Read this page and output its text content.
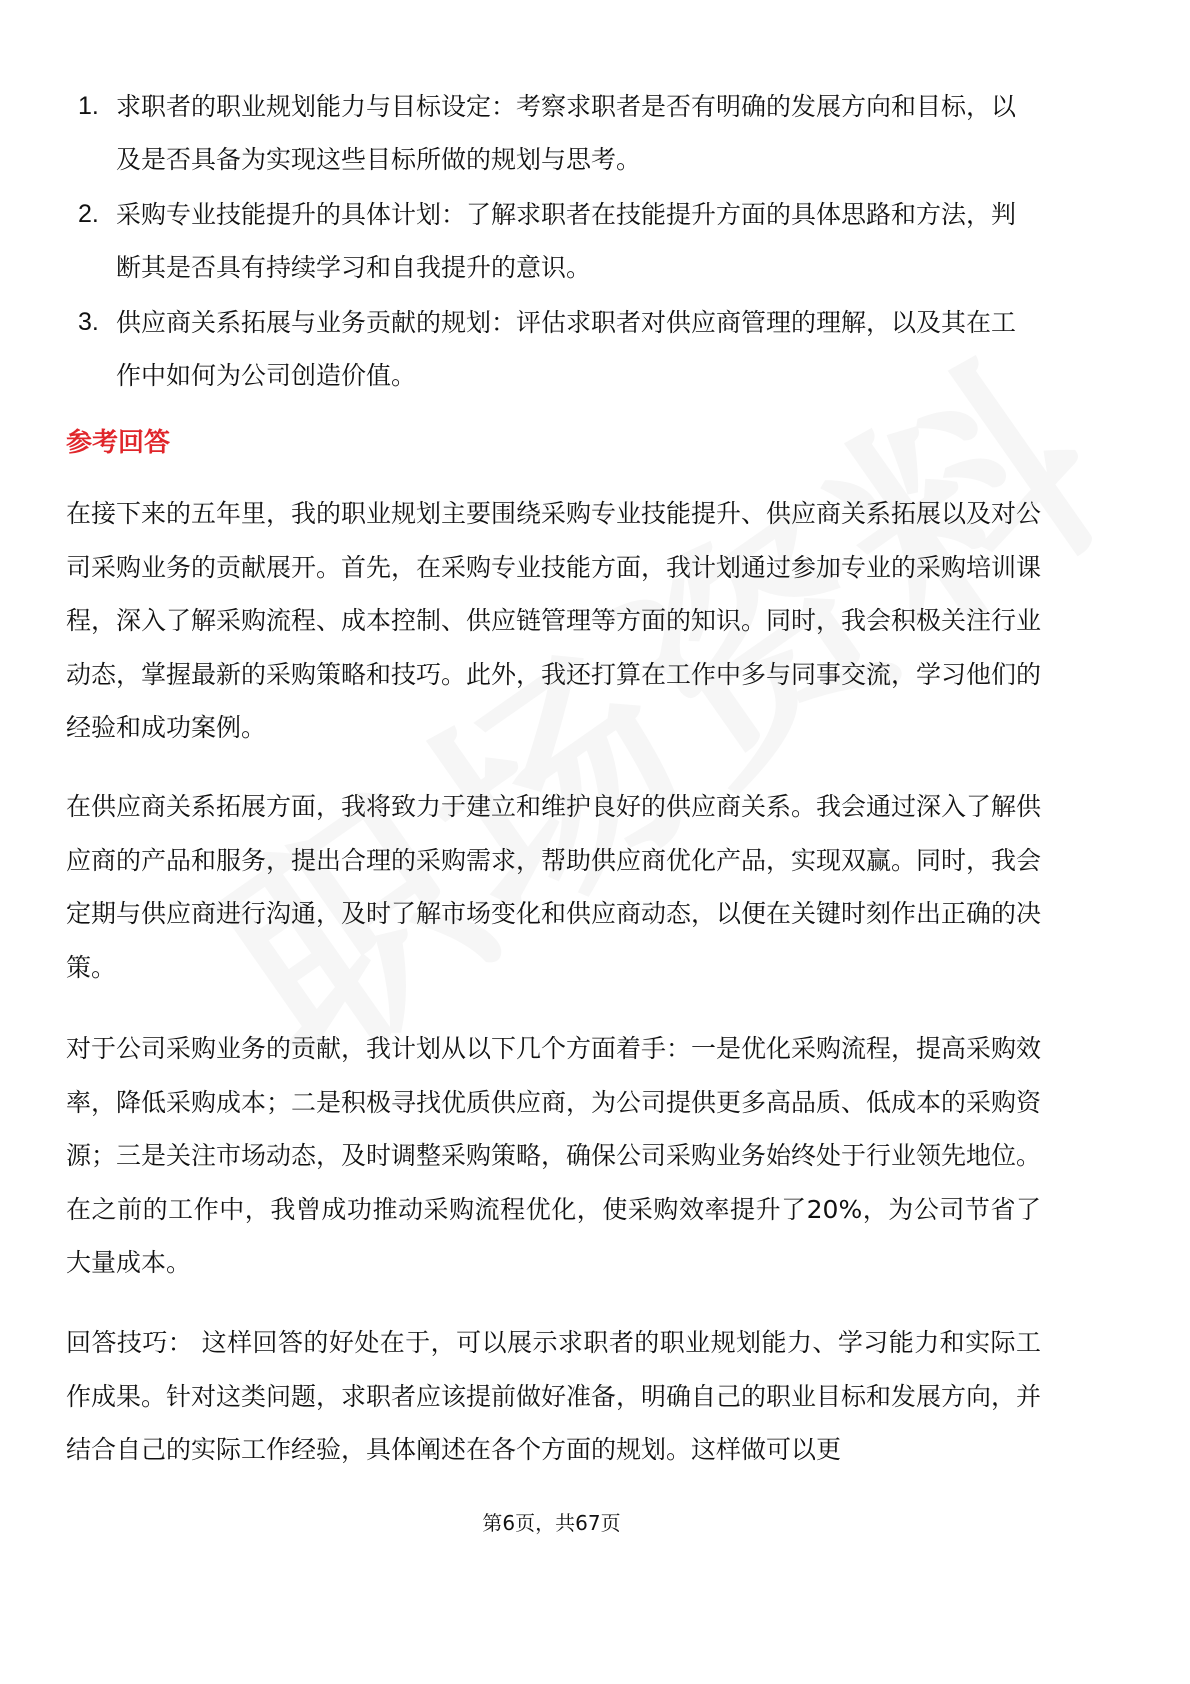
1. 求职者的职业规划能力与目标设定：考察求职者是否有明确的发展方向和目标，以及是否具备为实现这些目标所做的规划与思考。
2. 采购专业技能提升的具体计划：了解求职者在技能提升方面的具体思路和方法，判断其是否具有持续学习和自我提升的意识。
3. 供应商关系拓展与业务贡献的规划：评估求职者对供应商管理的理解，以及其在工作中如何为公司创造价值。
参考回答

在接下来的五年里，我的职业规划主要围绕采购专业技能提升、供应商关系拓展以及对公司采购业务的贡献展开。首先，在采购专业技能方面，我计划通过参加专业的采购培训课程，深入了解采购流程、成本控制、供应链管理等方面的知识。同时，我会积极关注行业动态，掌握最新的采购策略和技巧。此外，我还打算在工作中多与同事交流，学习他们的经验和成功案例。

在供应商关系拓展方面，我将致力于建立和维护良好的供应商关系。我会通过深入了解供应商的产品和服务，提出合理的采购需求，帮助供应商优化产品，实现双赢。同时，我会定期与供应商进行沟通，及时了解市场变化和供应商动态，以便在关键时刻作出正确的决策。

对于公司采购业务的贡献，我计划从以下几个方面着手：一是优化采购流程，提高采购效率，降低采购成本；二是积极寻找优质供应商，为公司提供更多高品质、低成本的采购资源；三是关注市场动态，及时调整采购策略，确保公司采购业务始终处于行业领先地位。在之前的工作中，我曾成功推动采购流程优化，使采购效率提升了20%，为公司节省了大量成本。

回答技巧： 这样回答的好处在于，可以展示求职者的职业规划能力、学习能力和实际工作成果。针对这类问题，求职者应该提前做好准备，明确自己的职业目标和发展方向，并结合自己的实际工作经验，具体阐述在各个方面的规划。这样做可以更

第6页，共67页
